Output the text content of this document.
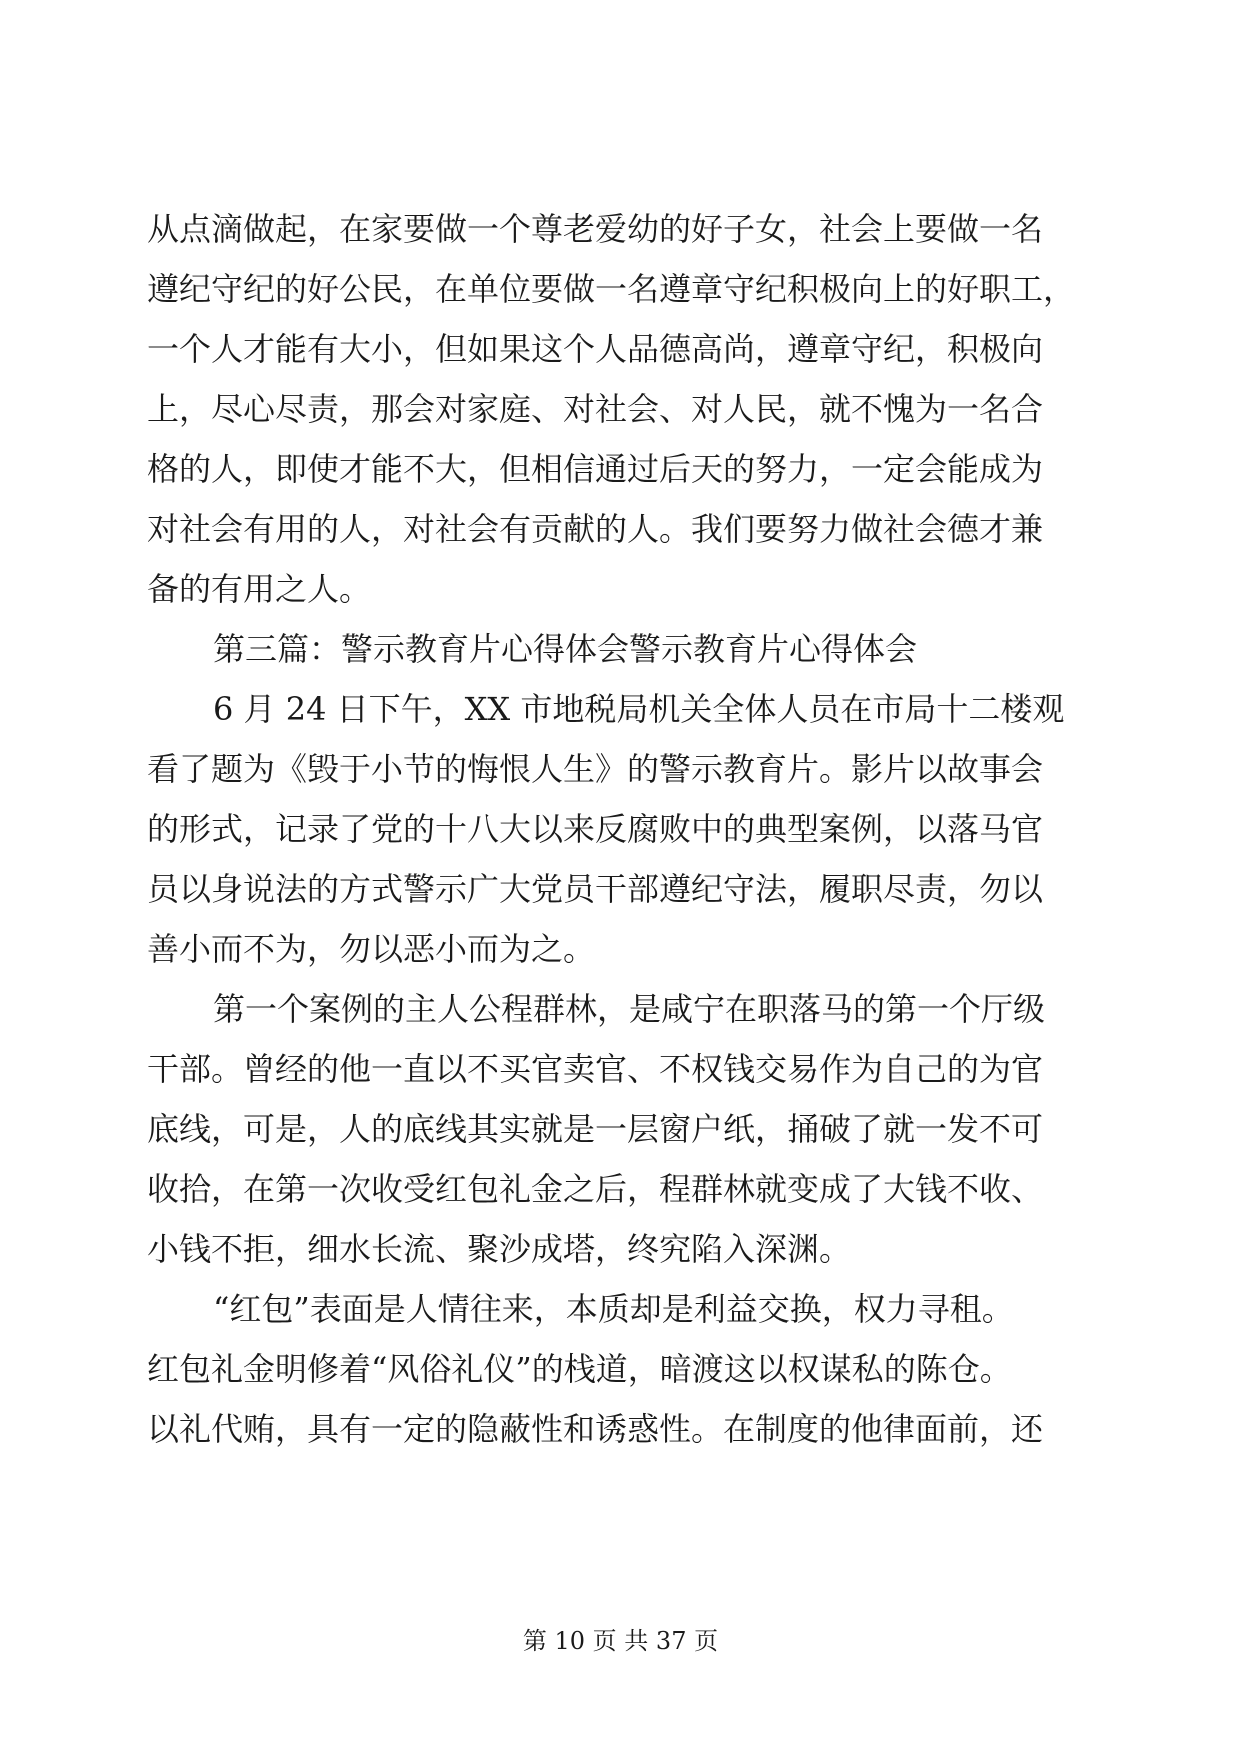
从点滴做起，在家要做一个尊老爱幼的好子女，社会上要做一名
遵纪守纪的好公民，在单位要做一名遵章守纪积极向上的好职工，
一个人才能有大小，但如果这个人品德高尚，遵章守纪，积极向
上，尽心尽责，那会对家庭、对社会、对人民，就不愧为一名合
格的人，即使才能不大，但相信通过后天的努力，一定会能成为
对社会有用的人，对社会有贡献的人。我们要努力做社会德才兼
备的有用之人。
第三篇：警示教育片心得体会警示教育片心得体会
6 月 24 日下午，XX 市地税局机关全体人员在市局十二楼观
看了题为《毁于小节的悔恨人生》的警示教育片。影片以故事会
的形式，记录了党的十八大以来反腐败中的典型案例，以落马官
员以身说法的方式警示广大党员干部遵纪守法，履职尽责，勿以
善小而不为，勿以恶小而为之。
第一个案例的主人公程群林，是咸宁在职落马的第一个厅级
干部。曾经的他一直以不买官卖官、不权钱交易作为自己的为官
底线，可是，人的底线其实就是一层窗户纸，捅破了就一发不可
收拾，在第一次收受红包礼金之后，程群林就变成了大钱不收、
小钱不拒，细水长流、聚沙成塔，终究陷入深渊。
“红包”表面是人情往来，本质却是利益交换，权力寻租。
红包礼金明修着“风俗礼仪”的栈道，暗渡这以权谋私的陈仓。
以礼代贿，具有一定的隐蔽性和诱惑性。在制度的他律面前，还
第 10 页 共 37 页
